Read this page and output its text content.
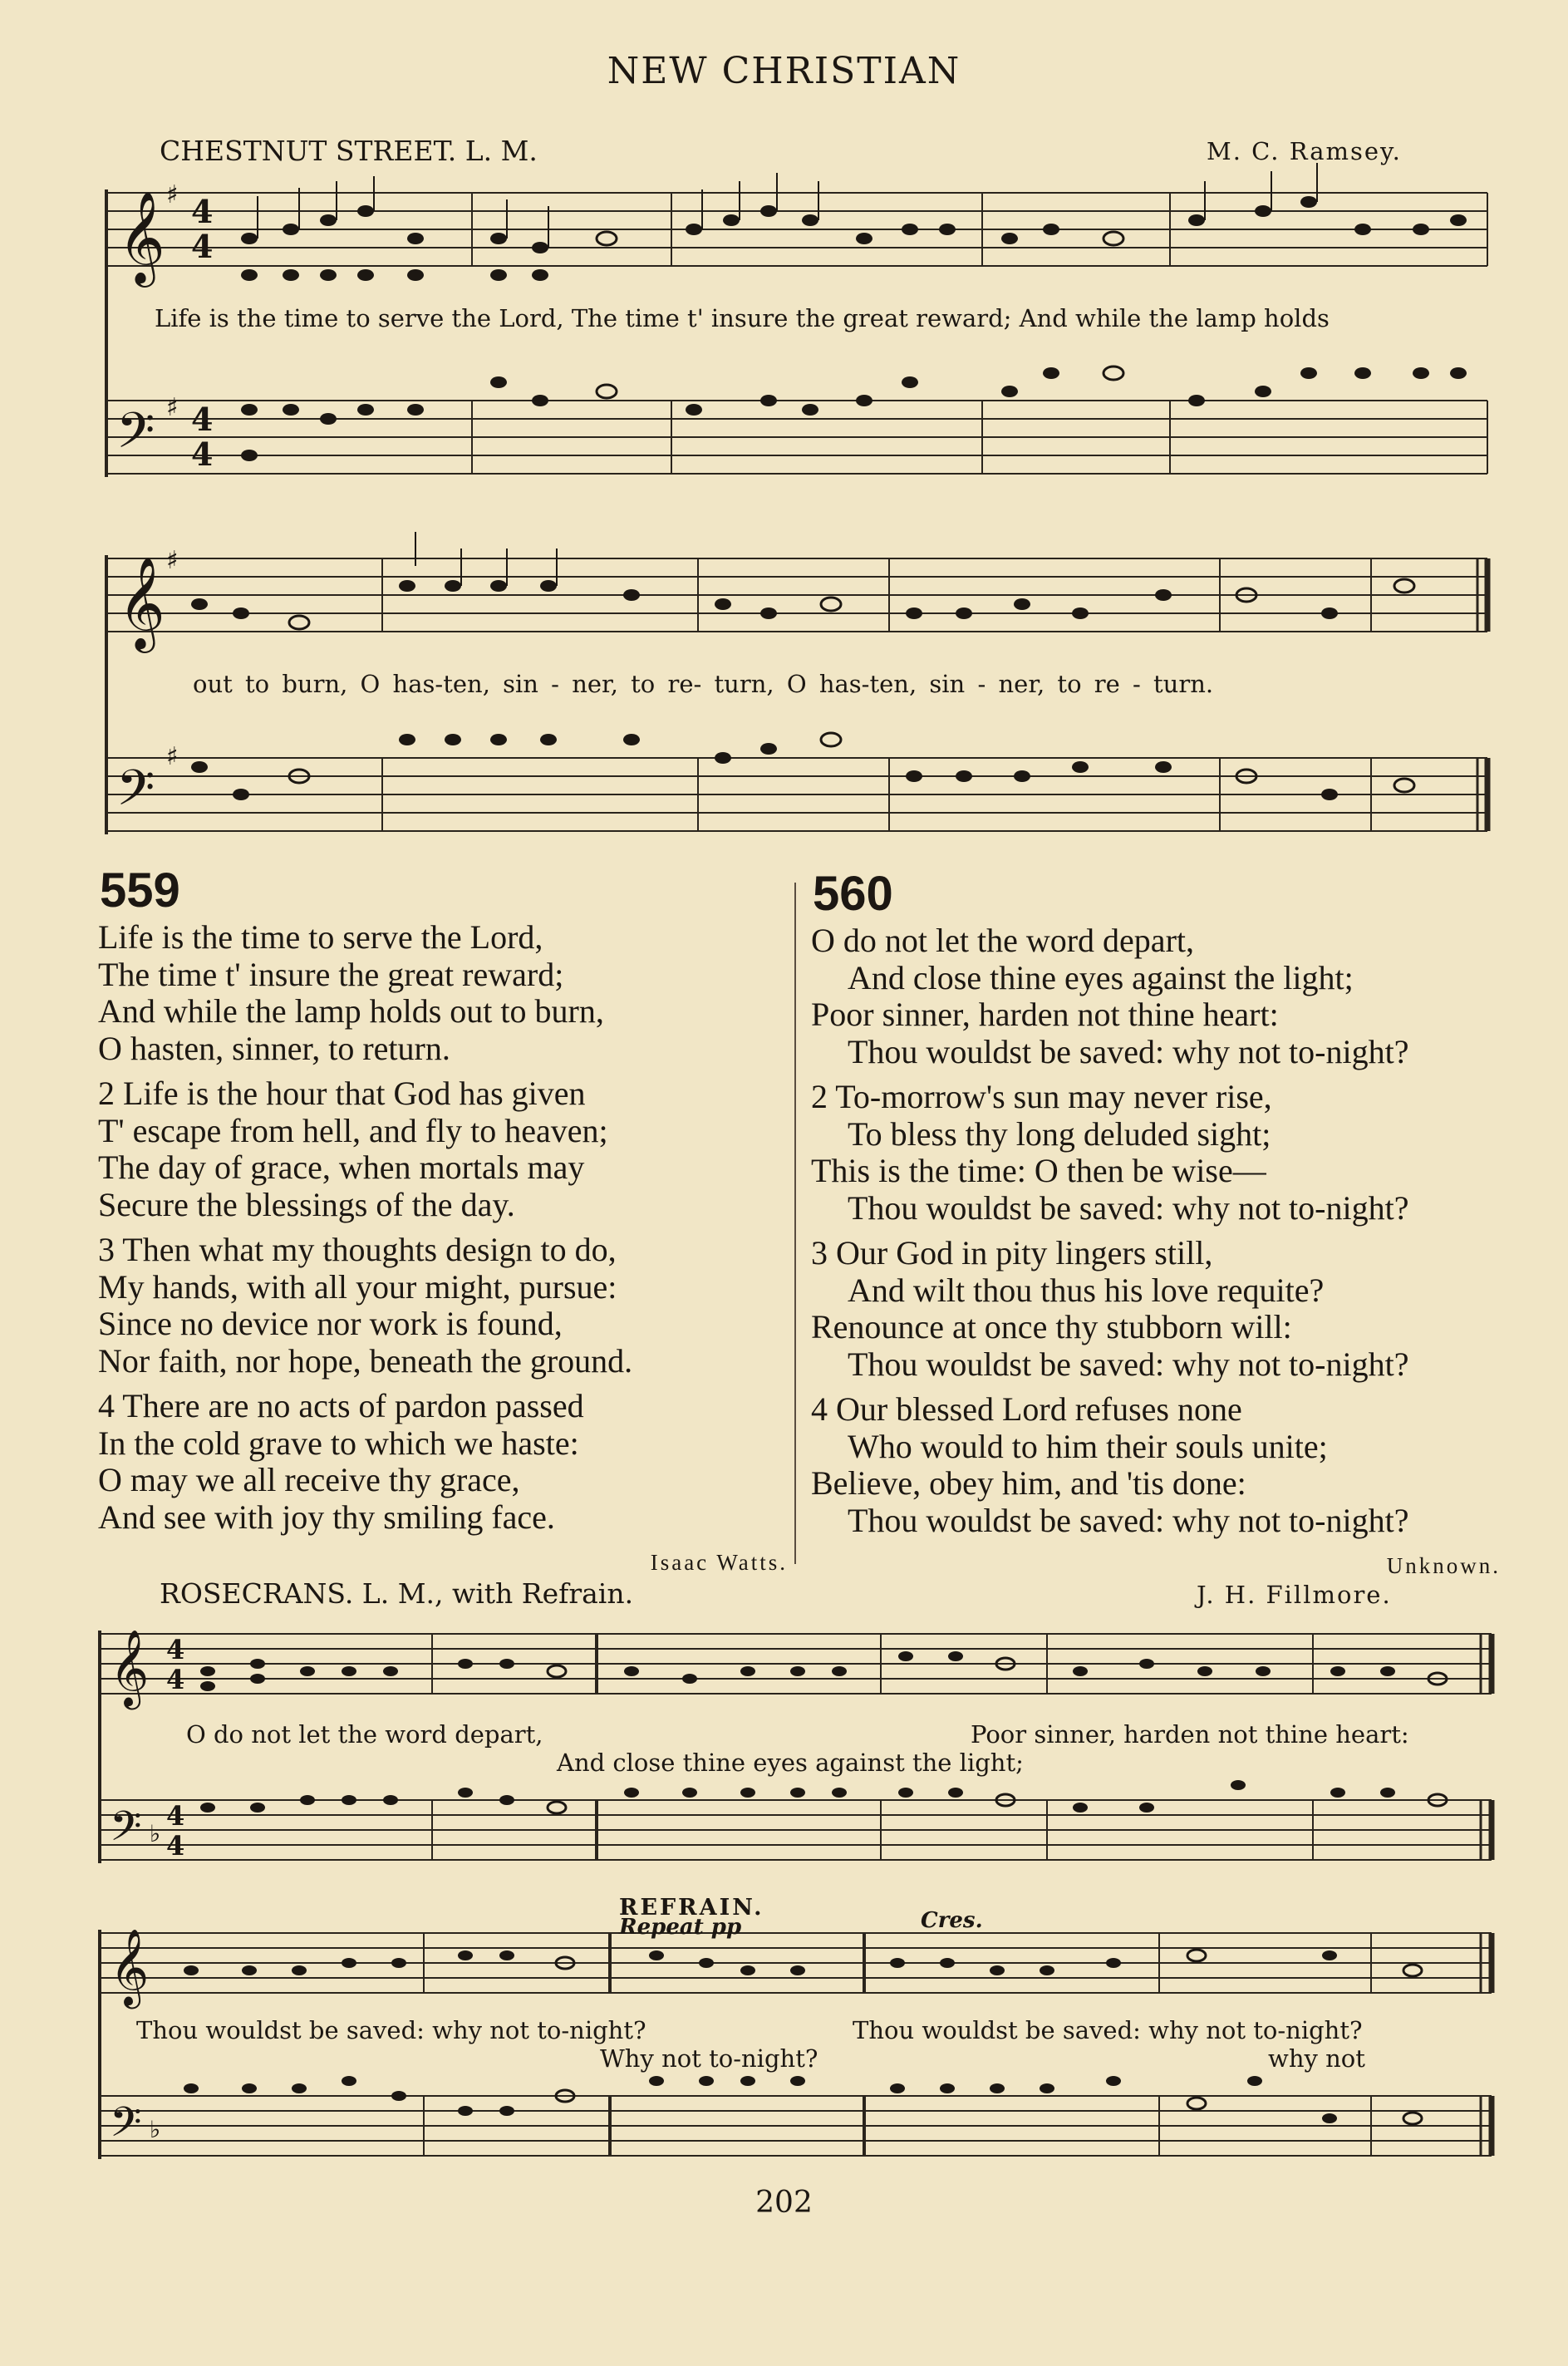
NEW CHRISTIAN
CHESTNUT STREET. L. M.	M. C. Ramsey.
𝄞 4
4
𝄢 4
4
𝄞
𝄢
♯
♯
♯
♯
Life is the time to serve the Lord, The time t' insure the great reward; And while the lamp holds
out to burn, O has-ten, sin - ner, to re- turn, O has-ten, sin - ner, to re - turn.
559
Life is the time to serve the Lord,
The time t' insure the great reward;
And while the lamp holds out to burn,
O hasten, sinner, to return.
2 Life is the hour that God has given
T' escape from hell, and fly to heaven;
The day of grace, when mortals may
Secure the blessings of the day.
3 Then what my thoughts design to do,
My hands, with all your might, pursue:
Since no device nor work is found,
Nor faith, nor hope, beneath the ground.
4 There are no acts of pardon passed
In the cold grave to which we haste:
O may we all receive thy grace,
And see with joy thy smiling face.
Isaac Watts.
560
O do not let the word depart,
And close thine eyes against the light;
Poor sinner, harden not thine heart:
Thou wouldst be saved: why not to-night?
2 To-morrow's sun may never rise,
To bless thy long deluded sight;
This is the time: O then be wise—
Thou wouldst be saved: why not to-night?
3 Our God in pity lingers still,
And wilt thou thus his love requite?
Renounce at once thy stubborn will:
Thou wouldst be saved: why not to-night?
4 Our blessed Lord refuses none
Who would to him their souls unite;
Believe, obey him, and 'tis done:
Thou wouldst be saved: why not to-night?
Unknown.
ROSECRANS. L. M., with Refrain.	J. H. Fillmore.
𝄞 4
4
𝄢 4
4
𝄞
𝄢
♭
♭
O do not let the word depart,
And close thine eyes against the light;
Poor sinner, harden not thine heart:
REFRAIN.
Repeat pp	Cres.
Thou wouldst be saved: why not to-night?
Why not to-night?
Thou wouldst be saved: why not to-night?
why not
202
